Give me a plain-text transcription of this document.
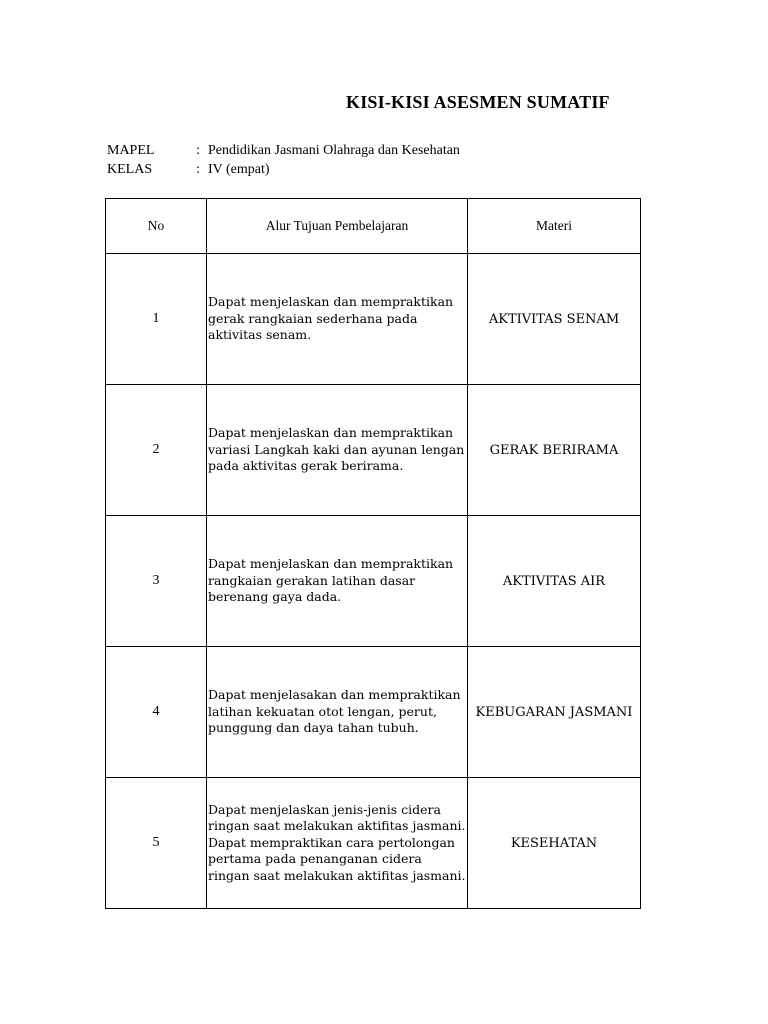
KISI-KISI ASESMEN SUMATIF
MAPEL	: Pendidikan Jasmani Olahraga dan Kesehatan
KELAS	: IV (empat)
No	Alur Tujuan Pembelajaran	Materi
1	Dapat menjelaskan dan mempraktikan gerak rangkaian sederhana pada aktivitas senam.	AKTIVITAS SENAM
2	Dapat menjelaskan dan mempraktikan variasi Langkah kaki dan ayunan lengan pada aktivitas gerak berirama.	GERAK BERIRAMA
3	Dapat menjelaskan dan mempraktikan rangkaian gerakan latihan dasar berenang gaya dada.	AKTIVITAS AIR
4	Dapat menjelasakan dan mempraktikan latihan kekuatan otot lengan, perut, punggung dan daya tahan tubuh.	KEBUGARAN JASMANI
5	Dapat menjelaskan jenis-jenis cidera ringan saat melakukan aktifitas jasmani. Dapat mempraktikan cara pertolongan pertama pada penanganan cidera ringan saat melakukan aktifitas jasmani.	KESEHATAN
